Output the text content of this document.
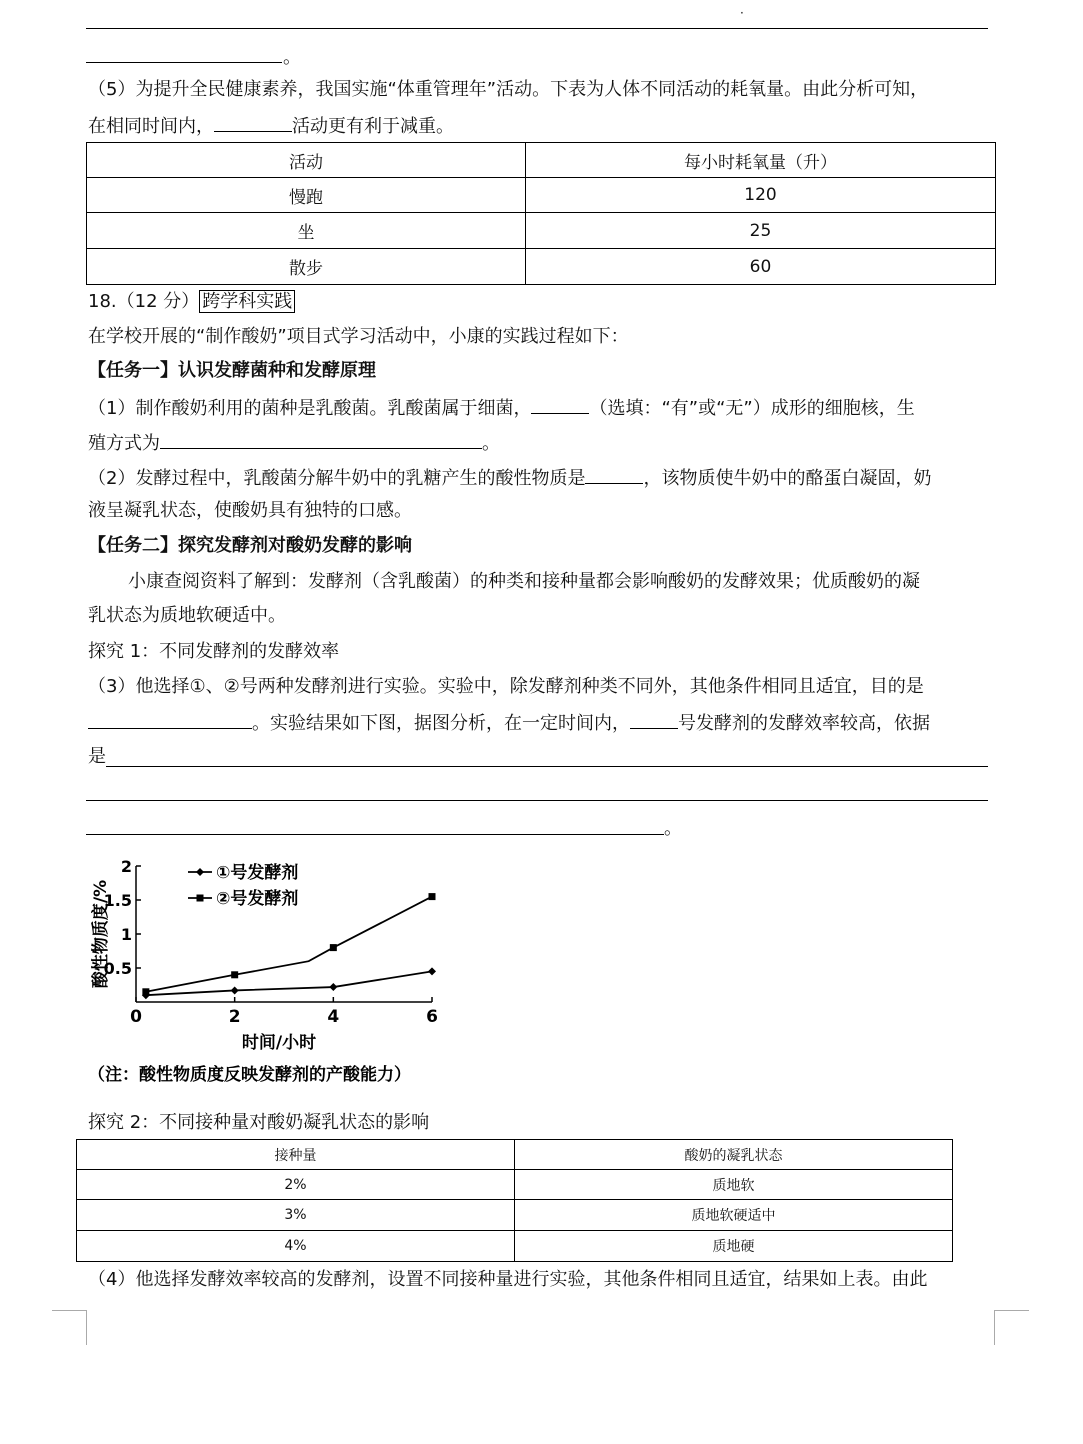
·
。
（5）为提升全民健康素养，我国实施“体重管理年”活动。下表为人体不同活动的耗氧量。由此分析可知，
在相同时间内，	活动更有利于减重。
活动	每小时耗氧量（升）
慢跑	120
坐	25
散步	60
18.（12 分） 跨学科实践
在学校开展的“制作酸奶”项目式学习活动中，小康的实践过程如下：
【任务一】认识发酵菌种和发酵原理
（1）制作酸奶利用的菌种是乳酸菌。乳酸菌属于细菌，	（选填：“有”或“无”）成形的细胞核，生
殖方式为	。
（2）发酵过程中，乳酸菌分解牛奶中的乳糖产生的酸性物质是	，该物质使牛奶中的酪蛋白凝固，奶
液呈凝乳状态，使酸奶具有独特的口感。
【任务二】探究发酵剂对酸奶发酵的影响
小康查阅资料了解到：发酵剂（含乳酸菌）的种类和接种量都会影响酸奶的发酵效果；优质酸奶的凝
乳状态为质地软硬适中。
探究 1：不同发酵剂的发酵效率
（3）他选择①、②号两种发酵剂进行实验。实验中，除发酵剂种类不同外，其他条件相同且适宜，目的是
。实验结果如下图，据图分析，在一定时间内，	号发酵剂的发酵效率较高，依据
是
。
0	2	4	6
0.5
1
1.5
2	①号发酵剂
②号发酵剂
酸性物质度/%
时间/小时
（注：酸性物质度反映发酵剂的产酸能力）
探究 2：不同接种量对酸奶凝乳状态的影响
接种量	酸奶的凝乳状态
2%	质地软
3%	质地软硬适中
4%	质地硬
（4）他选择发酵效率较高的发酵剂，设置不同接种量进行实验，其他条件相同且适宜，结果如上表。由此
